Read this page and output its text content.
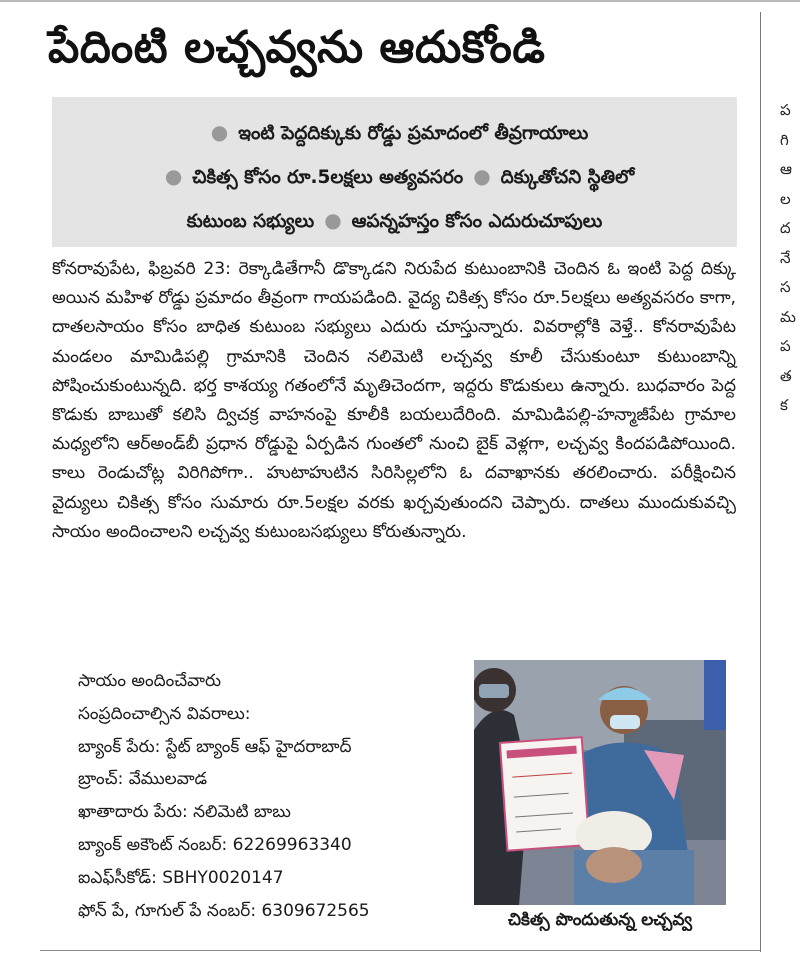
పేదింటి లచ్చవ్వను ఆదుకోండి
● ఇంటి పెద్దదిక్కుకు రోడ్డు ప్రమాదంలో తీవ్రగాయాలు
● చికిత్స కోసం రూ.5లక్షలు అత్యవసరం ● దిక్కుతోచని స్థితిలో
కుటుంబ సభ్యులు ● ఆపన్నహస్తం కోసం ఎదురుచూపులు

కోనరావుపేట, ఫిబ్రవరి 23: రెక్కాడితేగానీ డొక్కాడని నిరుపేద కుటుంబానికి చెందిన ఓ ఇంటి పెద్ద దిక్కు అయిన మహిళ రోడ్డు ప్రమాదం తీవ్రంగా గాయపడింది. వైద్య చికిత్స కోసం రూ.5లక్షలు అత్యవసరం కాగా, దాతలసాయం కోసం బాధిత కుటుంబ సభ్యులు ఎదురు చూస్తున్నారు. వివరాల్లోకి వెళ్తే.. కోనరావుపేట మండలం మామిడిపల్లి గ్రామానికి చెందిన నలిమెటి లచ్చవ్వ కూలీ చేసుకుంటూ కుటుంబాన్ని పోషించుకుంటున్నది. భర్త కాశయ్య గతంలోనే మృతిచెందగా, ఇద్దరు కొడుకులు ఉన్నారు. బుధవారం పెద్ద కొడుకు బాబుతో కలిసి ద్విచక్ర వాహనంపై కూలీకి బయలుదేరింది. మామిడిపల్లి-హన్మాజీపేట గ్రామాల మధ్యలోని ఆర్‌అండ్‌బీ ప్రధాన రోడ్డుపై ఏర్పడిన గుంతలో నుంచి బైక్ వెళ్లగా, లచ్చవ్వ కిందపడిపోయింది. కాలు రెండుచోట్ల విరిగిపోగా.. హుటాహుటిన సిరిసిల్లలోని ఓ దవాఖానకు తరలించారు. పరీక్షించిన వైద్యులు చికిత్స కోసం సుమారు రూ.5లక్షల వరకు ఖర్చవుతుందని చెప్పారు. దాతలు ముందుకువచ్చి సాయం అందించాలని లచ్చవ్వ కుటుంబసభ్యులు కోరుతున్నారు.

సాయం అందించేవారు
సంప్రదించాల్సిన వివరాలు:
బ్యాంక్ పేరు: స్టేట్ బ్యాంక్ ఆఫ్ హైదరాబాద్
బ్రాంచ్: వేములవాడ
ఖాతాదారు పేరు: నలిమెటి బాబు
బ్యాంక్ అకౌంట్ నంబర్: 62269963340
ఐఎఫ్‌సీకోడ్: SBHY0020147
ఫోన్ పే, గూగుల్ పే నంబర్: 6309672565	చికిత్స పొందుతున్న లచ్చవ్వ
ప
గి
ఆ
ల
ద
నే
స
మ
ప
త
క
